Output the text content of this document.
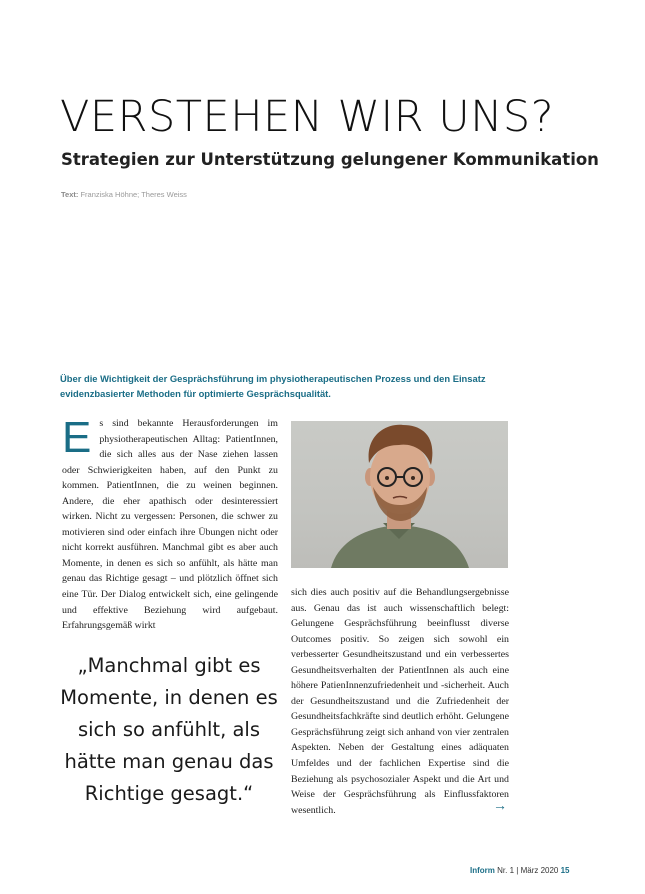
VERSTEHEN WIR UNS?
Strategien zur Unterstützung gelungener Kommunikation
Text: Franziska Höhne; Theres Weiss

Über die Wichtigkeit der Gesprächsführung im physiotherapeutischen Prozess und den Einsatz evidenzbasierter Methoden für optimierte Gesprächsqualität.

E s sind bekannte Herausforderungen im physiotherapeutischen Alltag: PatientInnen, die sich alles aus der Nase ziehen lassen oder Schwierigkeiten haben, auf den Punkt zu kommen. PatientInnen, die zu weinen beginnen. Andere, die eher apathisch oder desinteressiert wirken. Nicht zu vergessen: Personen, die schwer zu motivieren sind oder einfach ihre Übungen nicht oder nicht korrekt ausführen. Manchmal gibt es aber auch Momente, in denen es sich so anfühlt, als hätte man genau das Richtige gesagt – und plötzlich öffnet sich eine Tür. Der Dialog entwickelt sich, eine gelingende und effektive Beziehung wird aufgebaut. Erfahrungsgemäß wirkt
sich dies auch positiv auf die Behandlungsergebnisse aus. Genau das ist auch wissenschaftlich belegt: Gelungene Gesprächsführung beeinflusst diverse Outcomes positiv. So zeigen sich sowohl ein verbesserter Gesundheitszustand und ein verbessertes Gesundheitsverhalten der PatientInnen als auch eine höhere PatienInnenzufriedenheit und -sicherheit. Auch der Gesundheitszustand und die Zufriedenheit der Gesundheitsfachkräfte sind deutlich erhöht. Gelungene Gesprächsführung zeigt sich anhand von vier zentralen Aspekten. Neben der Gestaltung eines adäquaten Umfeldes und der fachlichen Expertise sind die Beziehung als psychosozialer Aspekt und die Art und Weise der Gesprächsführung als Einflussfaktoren wesentlich.

„Manchmal gibt es Momente, in denen es sich so anfühlt, als hätte man genau das Richtige gesagt.“	→
Inform Nr. 1 | März 2020 15
